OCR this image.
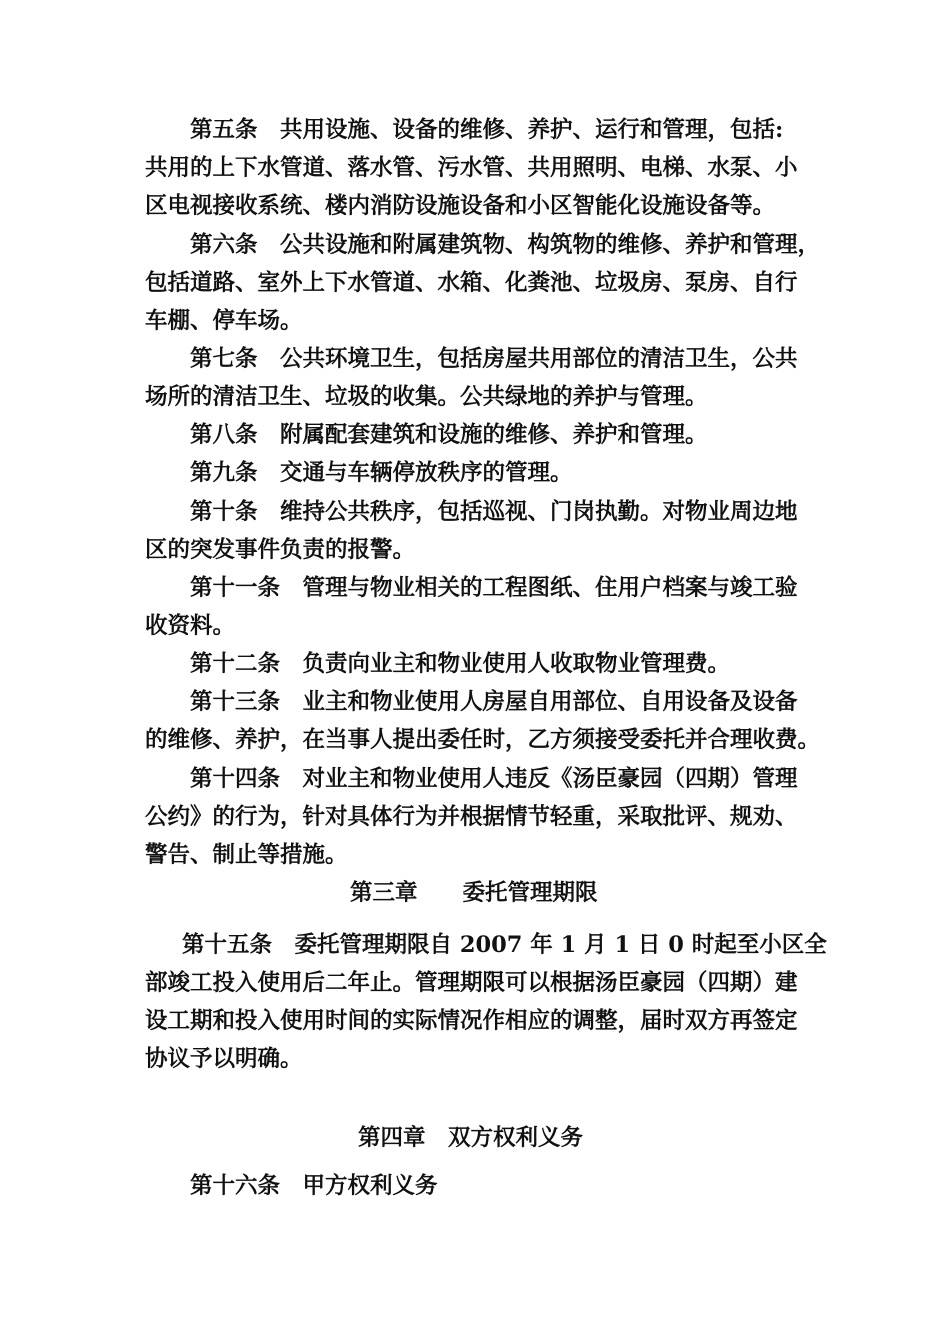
第五条　共用设施、设备的维修、养护、运行和管理，包括:
共用的上下水管道、落水管、污水管、共用照明、电梯、水泵、小
区电视接收系统、楼内消防设施设备和小区智能化设施设备等。
第六条　公共设施和附属建筑物、构筑物的维修、养护和管理，
包括道路、室外上下水管道、水箱、化粪池、垃圾房、泵房、自行
车棚、停车场。
第七条　公共环境卫生，包括房屋共用部位的清洁卫生，公共
场所的清洁卫生、垃圾的收集。公共绿地的养护与管理。
第八条　附属配套建筑和设施的维修、养护和管理。
第九条　交通与车辆停放秩序的管理。
第十条　维持公共秩序，包括巡视、门岗执勤。对物业周边地
区的突发事件负责的报警。
第十一条　管理与物业相关的工程图纸、住用户档案与竣工验
收资料。
第十二条　负责向业主和物业使用人收取物业管理费。
第十三条　业主和物业使用人房屋自用部位、自用设备及设备
的维修、养护，在当事人提出委任时，乙方须接受委托并合理收费。
第十四条　对业主和物业使用人违反《汤臣豪园（四期）管理
公约》的行为，针对具体行为并根据情节轻重，采取批评、规劝、
警告、制止等措施。
第三章　　委托管理期限
第十五条　委托管理期限自 2007 年 1 月 1 日 0 时起至小区全
部竣工投入使用后二年止。管理期限可以根据汤臣豪园（四期）建
设工期和投入使用时间的实际情况作相应的调整，届时双方再签定
协议予以明确。
第四章　双方权利义务
第十六条　甲方权利义务
